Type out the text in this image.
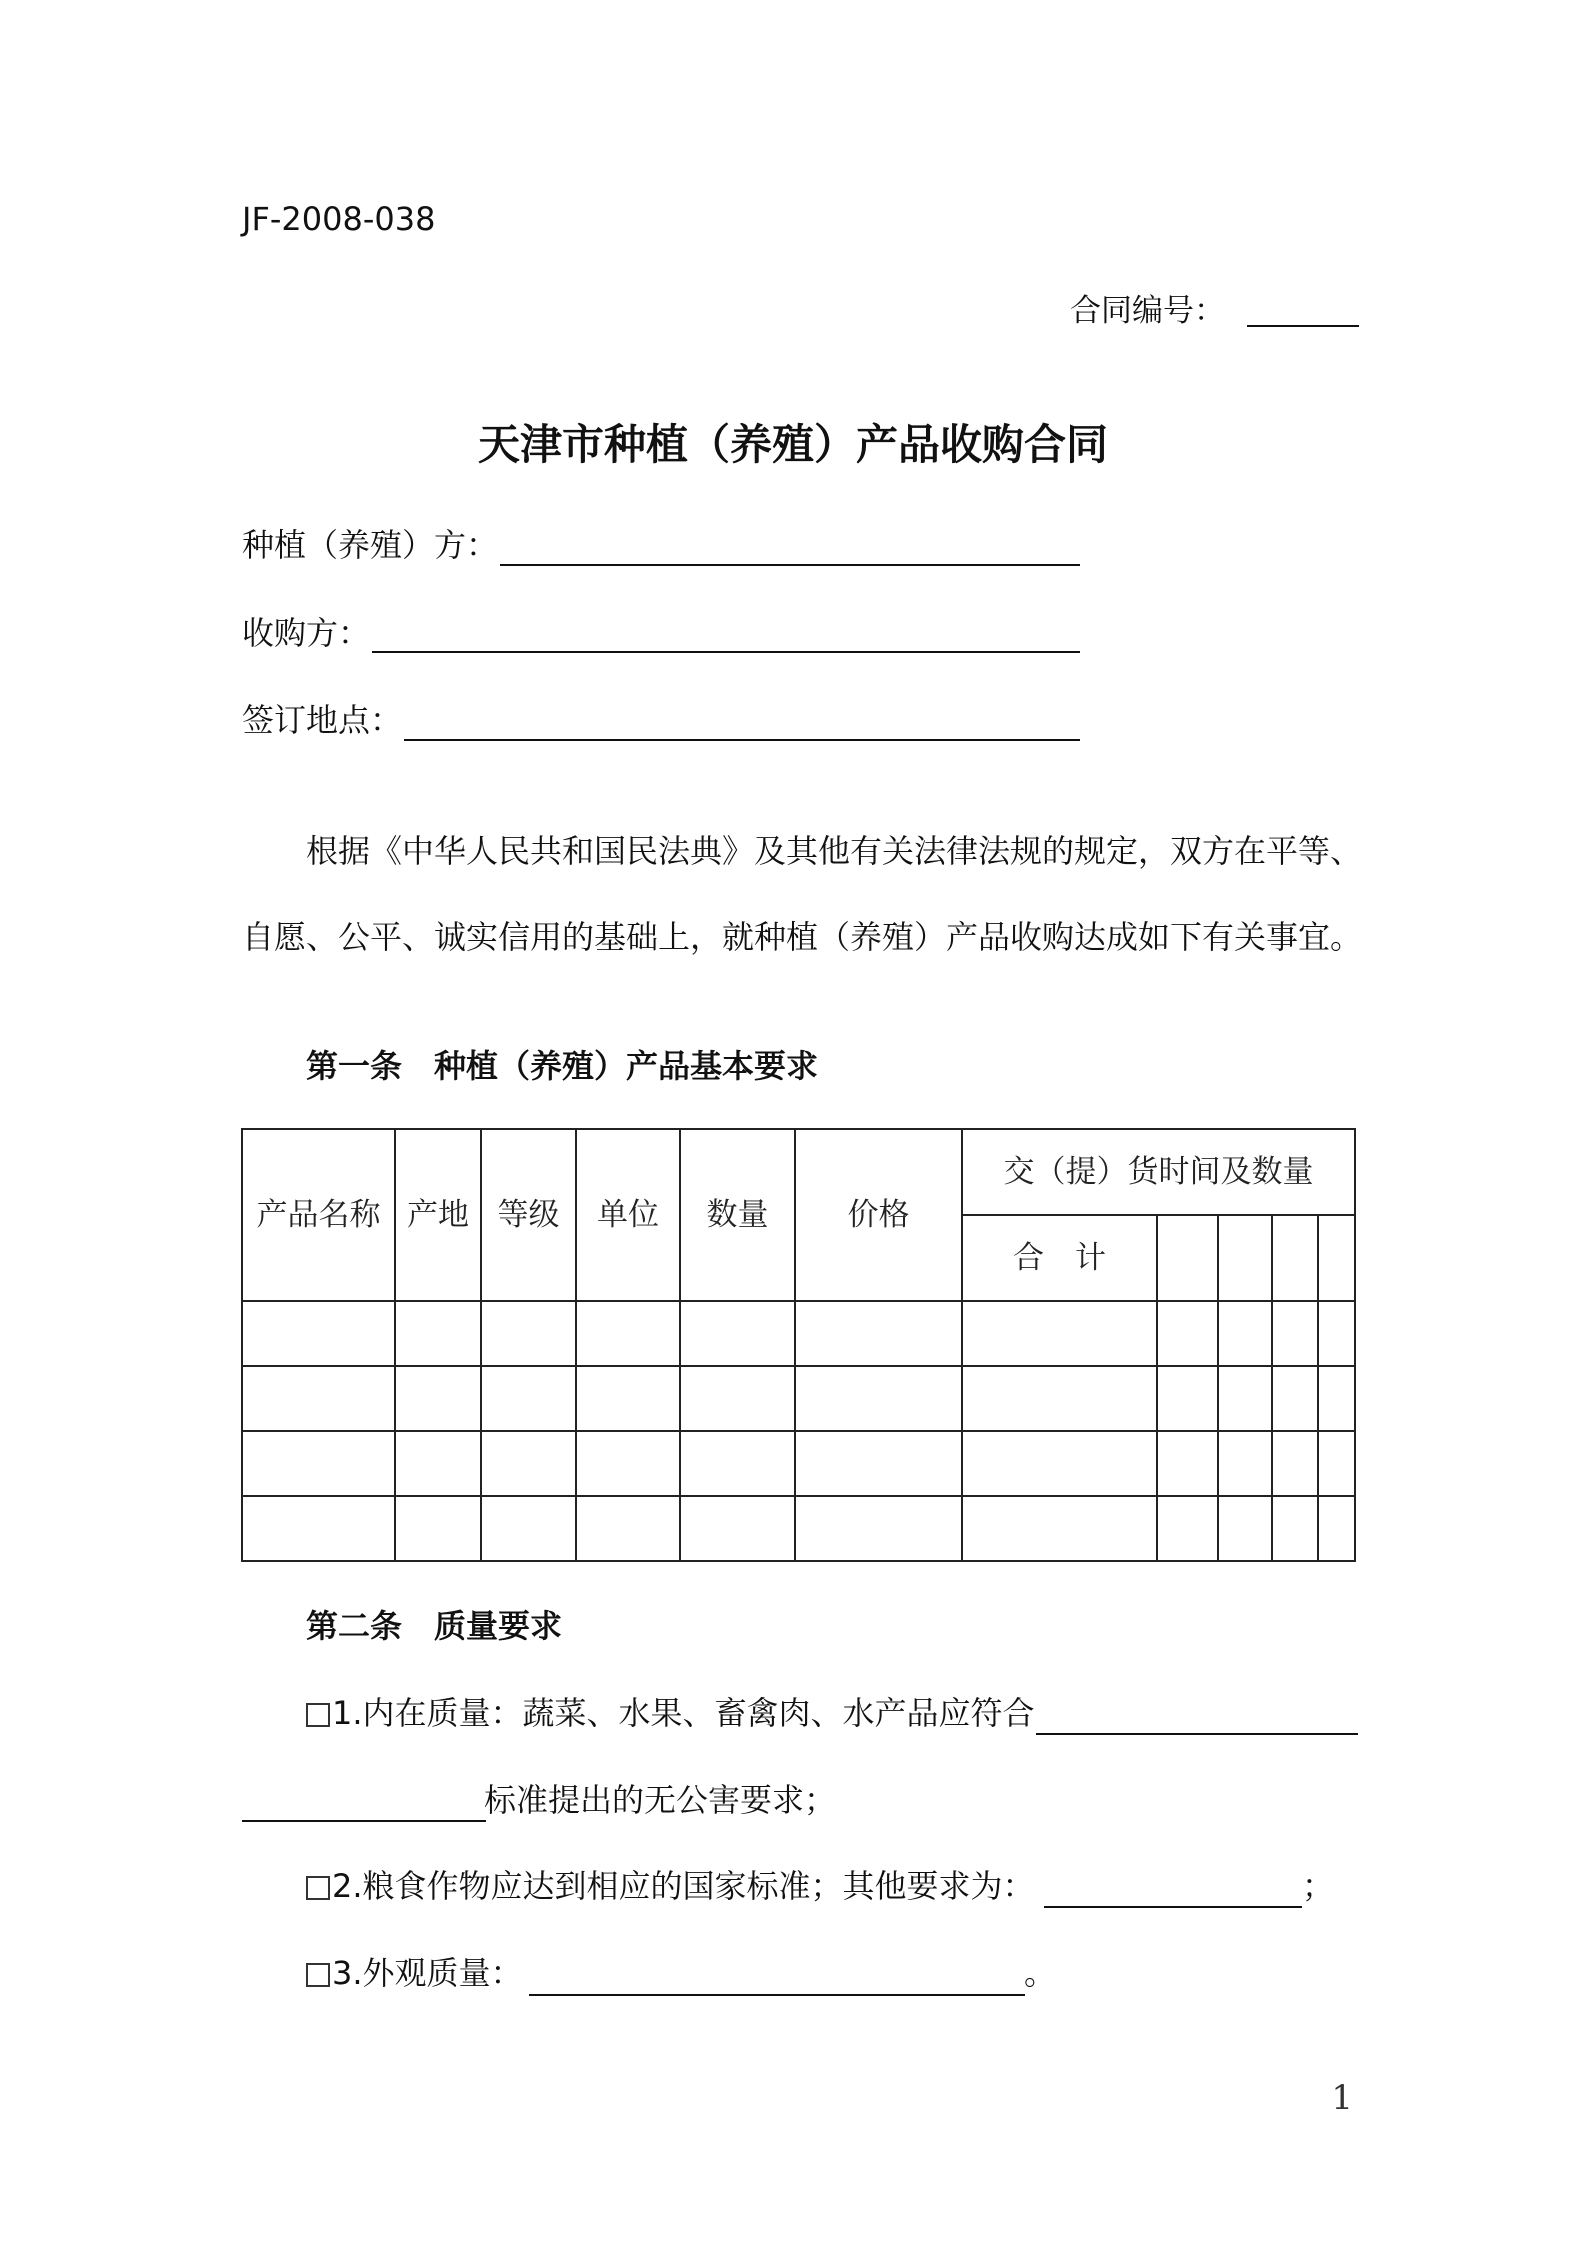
JF-2008-038
合同编号：
天津市种植（养殖）产品收购合同
种植（养殖）方：
收购方：
签订地点：
根据《中华人民共和国民法典》及其他有关法律法规的规定，双方在平等、
自愿、公平、诚实信用的基础上，就种植（养殖）产品收购达成如下有关事宜。
第一条　种植（养殖）产品基本要求
产品名称	产地	等级	单位	数量	价格	交（提）货时间及数量				
						合　计				

第二条　质量要求
1.内在质量：蔬菜、水果、畜禽肉、水产品应符合
标准提出的无公害要求；
2.粮食作物应达到相应的国家标准；其他要求为：	；
3.外观质量：	。
1
